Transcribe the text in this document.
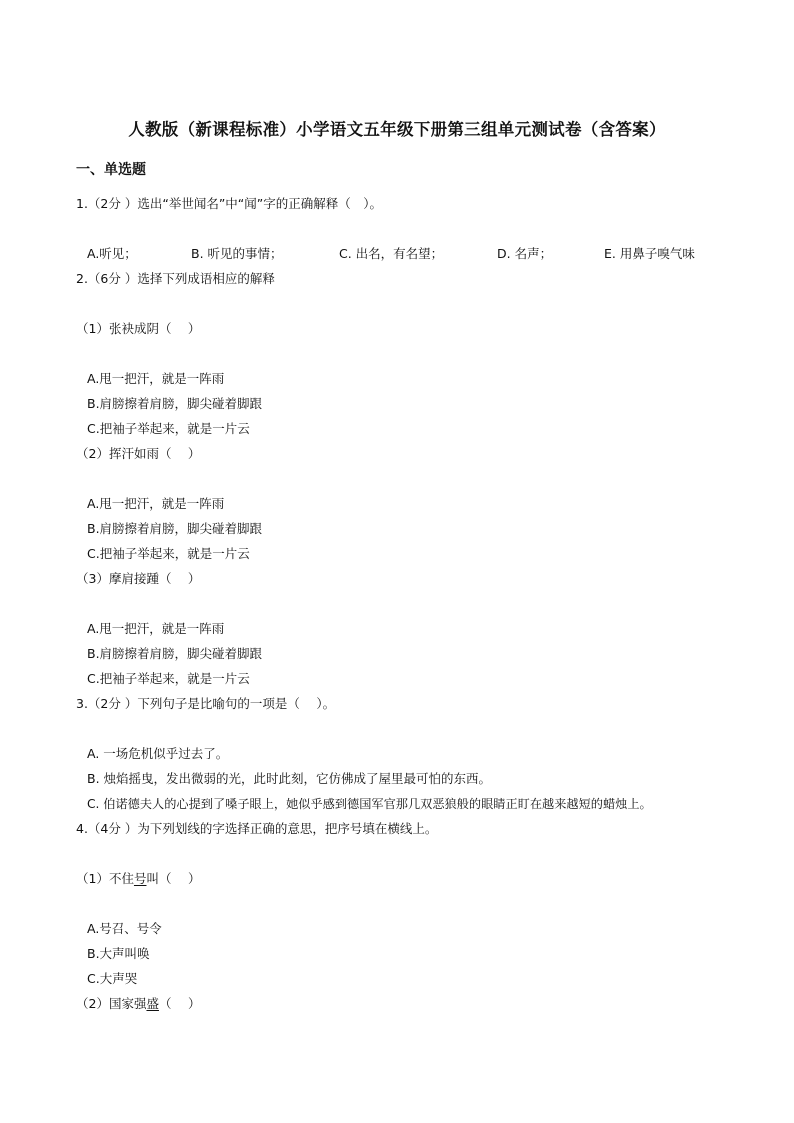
人教版（新课程标准）小学语文五年级下册第三组单元测试卷（含答案）
一、单选题
1.（2分 ）选出“举世闻名”中“闻”字的正确解释（　）。
A.听见；	B. 听见的事情；	C. 出名，有名望；	D. 名声；	E. 用鼻子嗅气味
2.（6分 ）选择下列成语相应的解释
（1）张袂成阴（　 ）
A.甩一把汗，就是一阵雨
B.肩膀擦着肩膀，脚尖碰着脚跟
C.把袖子举起来，就是一片云
（2）挥汗如雨（　 ）
A.甩一把汗，就是一阵雨
B.肩膀擦着肩膀，脚尖碰着脚跟
C.把袖子举起来，就是一片云
（3）摩肩接踵（　 ）
A.甩一把汗，就是一阵雨
B.肩膀擦着肩膀，脚尖碰着脚跟
C.把袖子举起来，就是一片云
3.（2分 ）下列句子是比喻句的一项是（　 ）。
A. 一场危机似乎过去了。
B. 烛焰摇曳，发出微弱的光，此时此刻，它仿佛成了屋里最可怕的东西。
C. 伯诺德夫人的心提到了嗓子眼上，她似乎感到德国军官那几双恶狼般的眼睛正盯在越来越短的蜡烛上。
4.（4分 ）为下列划线的字选择正确的意思，把序号填在横线上。
（1）不住号叫（　 ）
A.号召、号令
B.大声叫唤
C.大声哭
（2）国家强盛（　 ）
